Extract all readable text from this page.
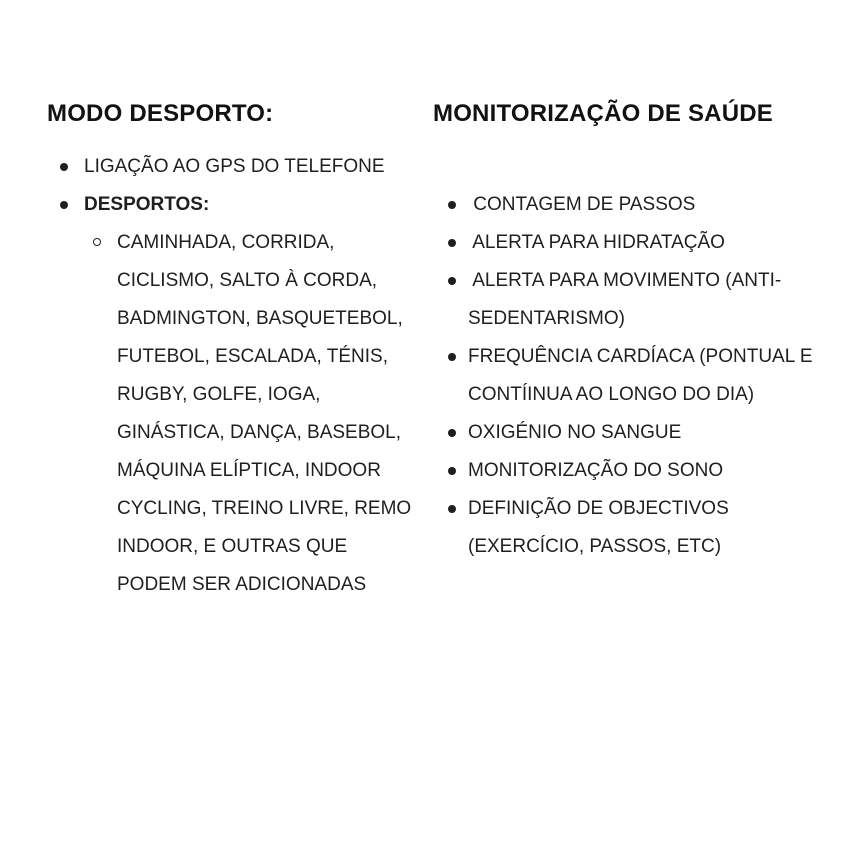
MODO DESPORTO:
LIGAÇÃO AO GPS DO TELEFONE
DESPORTOS:
CAMINHADA, CORRIDA,
CICLISMO, SALTO À CORDA,
BADMINGTON, BASQUETEBOL,
FUTEBOL, ESCALADA, TÉNIS,
RUGBY, GOLFE, IOGA,
GINÁSTICA, DANÇA, BASEBOL,
MÁQUINA ELÍPTICA, INDOOR
CYCLING, TREINO LIVRE, REMO
INDOOR, E OUTRAS QUE
PODEM SER ADICIONADAS
MONITORIZAÇÃO DE SAÚDE
CONTAGEM DE PASSOS
ALERTA PARA HIDRATAÇÃO
ALERTA PARA MOVIMENTO (ANTI-
SEDENTARISMO)
FREQUÊNCIA CARDÍACA (PONTUAL E
CONTÍINUA AO LONGO DO DIA)
OXIGÉNIO NO SANGUE
MONITORIZAÇÃO DO SONO
DEFINIÇÃO DE OBJECTIVOS
(EXERCÍCIO, PASSOS, ETC)
